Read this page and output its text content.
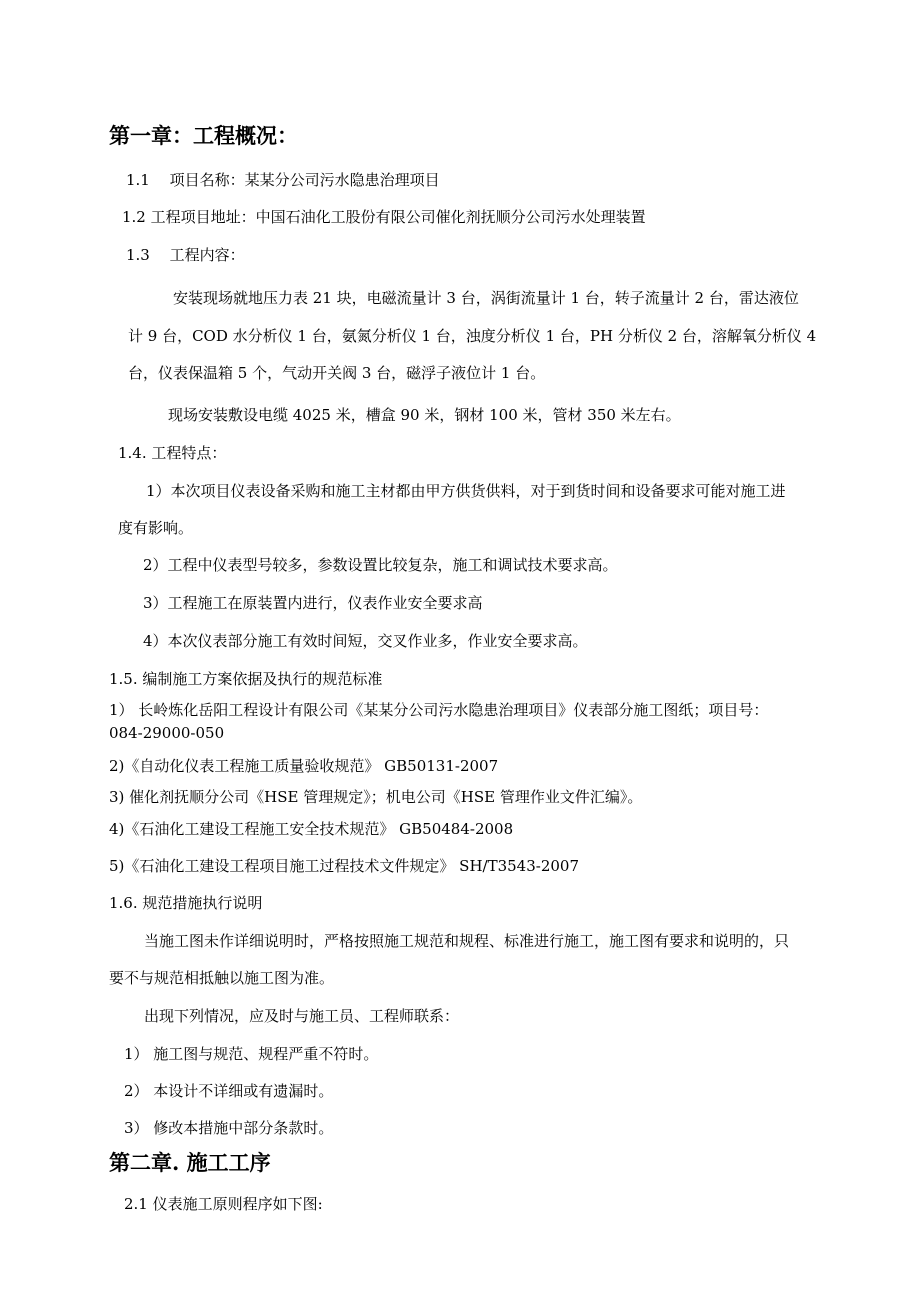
第一章：工程概况：

1.1　 项目名称：某某分公司污水隐患治理项目

1.2 工程项目地址：中国石油化工股份有限公司催化剂抚顺分公司污水处理装置

1.3　 工程内容：

安装现场就地压力表 21 块，电磁流量计 3 台，涡街流量计 1 台，转子流量计 2 台，雷达液位

计 9 台，COD 水分析仪 1 台，氨氮分析仪 1 台，浊度分析仪 1 台，PH 分析仪 2 台，溶解氧分析仪 4

台，仪表保温箱 5 个，气动开关阀 3 台，磁浮子液位计 1 台。

现场安装敷设电缆 4025 米，槽盒 90 米，钢材 100 米，管材 350 米左右。

1.4. 工程特点：

1）本次项目仪表设备采购和施工主材都由甲方供货供料，对于到货时间和设备要求可能对施工进

度有影响。

2）工程中仪表型号较多，参数设置比较复杂，施工和调试技术要求高。

3）工程施工在原装置内进行，仪表作业安全要求高

4）本次仪表部分施工有效时间短，交叉作业多，作业安全要求高。

1.5. 编制施工方案依据及执行的规范标准

1） 长岭炼化岳阳工程设计有限公司《某某分公司污水隐患治理项目》仪表部分施工图纸；项目号：

084-29000-050

2)《自动化仪表工程施工质量验收规范》 GB50131-2007

3) 催化剂抚顺分公司《HSE 管理规定》；机电公司《HSE 管理作业文件汇编》。

4)《石油化工建设工程施工安全技术规范》 GB50484-2008

5)《石油化工建设工程项目施工过程技术文件规定》 SH/T3543-2007

1.6. 规范措施执行说明

当施工图未作详细说明时，严格按照施工规范和规程、标准进行施工，施工图有要求和说明的，只

要不与规范相抵触以施工图为准。

出现下列情况，应及时与施工员、工程师联系：

1） 施工图与规范、规程严重不符时。

2） 本设计不详细或有遗漏时。

3） 修改本措施中部分条款时。

第二章. 施工工序

2.1 仪表施工原则程序如下图:
